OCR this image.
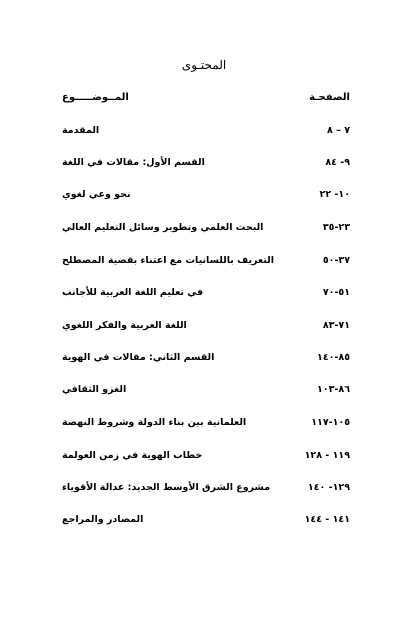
المحتـوى
المــوضـــــوع	الصفحـة
المقدمة	٧ – ٨
القسم الأول: مقالات في اللغة	٩- ٨٤
نحو وعي لغوي	١٠- ٢٢
البحث العلمي وتطوير وسائل التعليم العالي	٢٣-٣٥
التعريف باللسانيات مع اعتناء بقضية المصطلح	٣٧-٥٠
في تعليم اللغة العربية للأجانب	٥١-٧٠
اللغة العربية والفكر اللغوي	٧١-٨٣
القسم الثاني: مقالات في الهوية	٨٥-١٤٠
الغزو الثقافي	٨٦-١٠٣
العلمانية بين بناء الدولة وشروط النهضة	١٠٥-١١٧
خطاب الهوية في زمن العولمة	١١٩ - ١٢٨
مشروع الشرق الأوسط الجديد: عدالة الأقوياء	١٢٩- ١٤٠
المصادر والمراجع	١٤١ - ١٤٤
